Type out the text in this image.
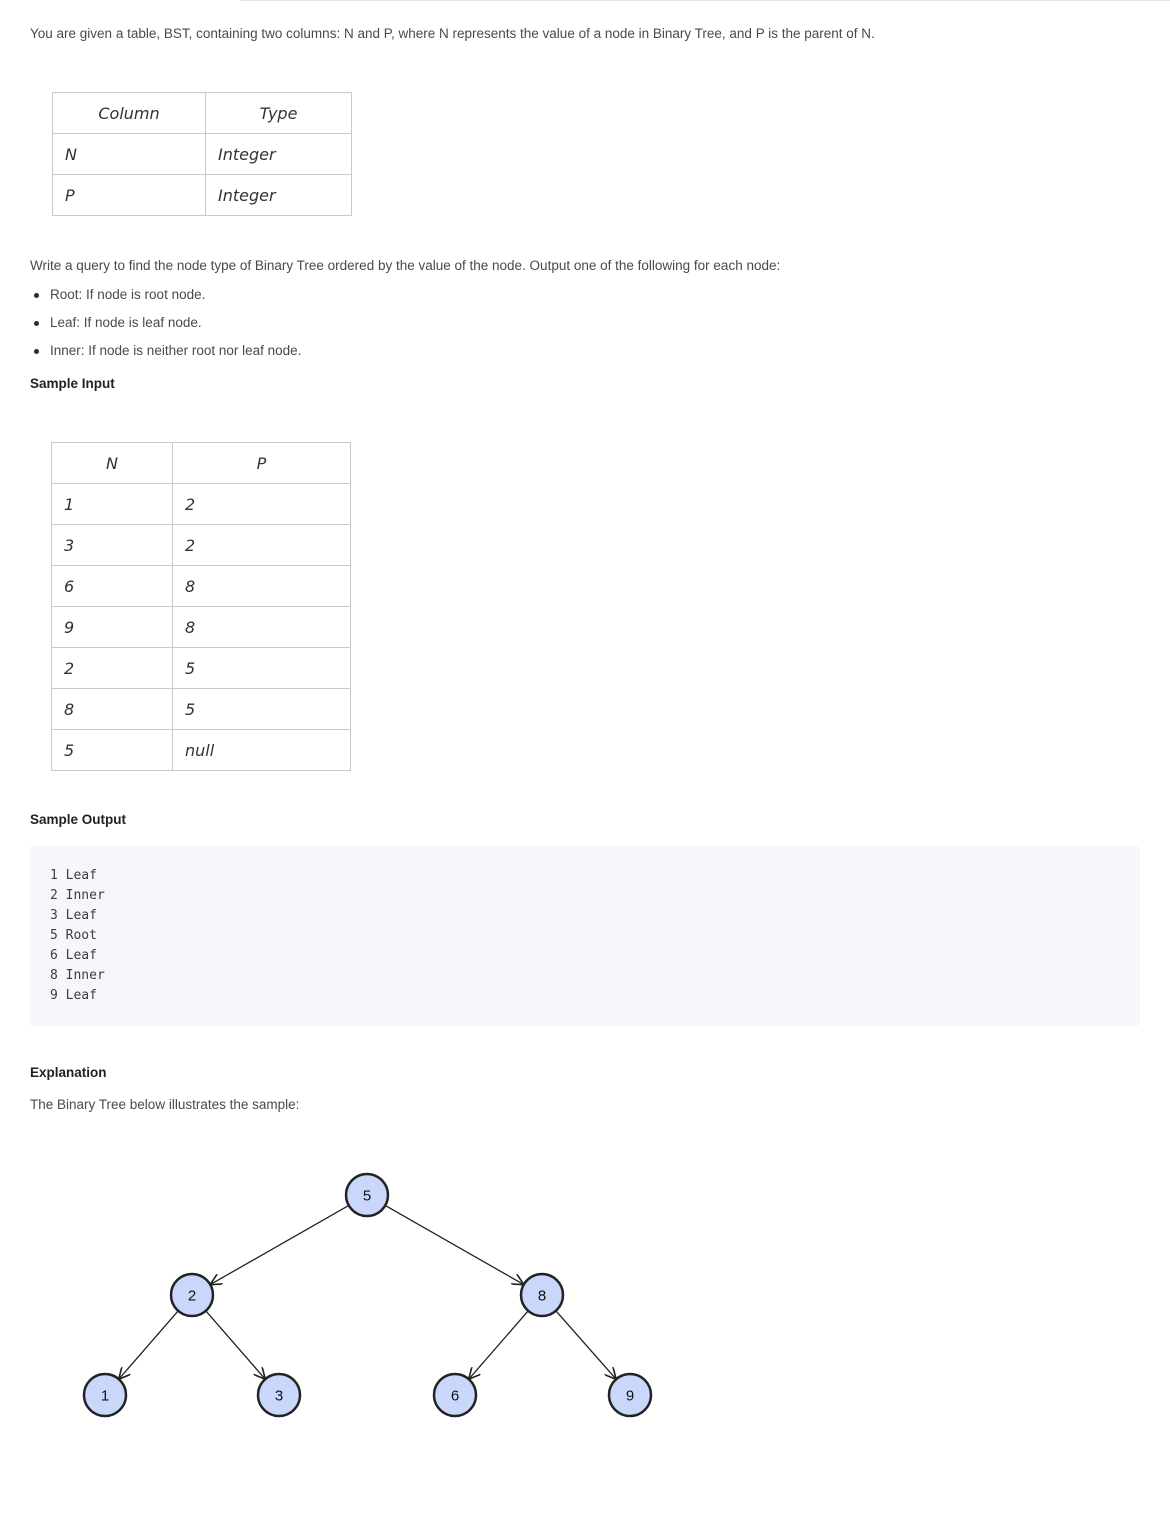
You are given a table, BST, containing two columns: N and P, where N represents the value of a node in Binary Tree, and P is the parent of N.

Column	Type
N	Integer
P	Integer

Write a query to find the node type of Binary Tree ordered by the value of the node. Output one of the following for each node:

Root: If node is root node.
Leaf: If node is leaf node.
Inner: If node is neither root nor leaf node.
Sample Input
N	P
1	2
3	2
6	8
9	8
2	5
8	5
5	null
Sample Output
1 Leaf
2 Inner
3 Leaf
5 Root
6 Leaf
8 Inner
9 Leaf
Explanation

The Binary Tree below illustrates the sample:

5
2	8
1	3	6	9
